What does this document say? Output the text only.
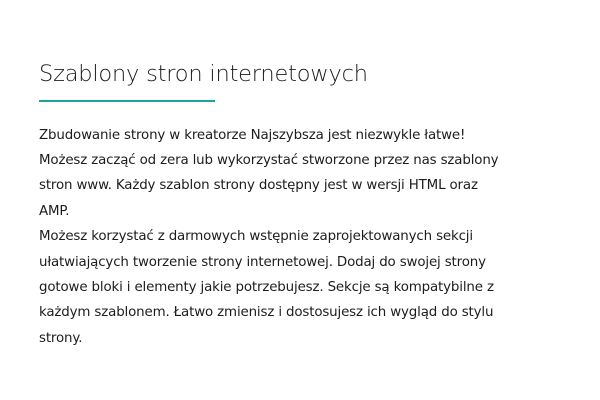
Szablony stron internetowych

Zbudowanie strony w kreatorze Najszybsza jest niezwykle łatwe!
Możesz zacząć od zera lub wykorzystać stworzone przez nas szablony
stron www. Każdy szablon strony dostępny jest w wersji HTML oraz
AMP.

Możesz korzystać z darmowych wstępnie zaprojektowanych sekcji
ułatwiających tworzenie strony internetowej. Dodaj do swojej strony
gotowe bloki i elementy jakie potrzebujesz. Sekcje są kompatybilne z
każdym szablonem. Łatwo zmienisz i dostosujesz ich wygląd do stylu
strony.
